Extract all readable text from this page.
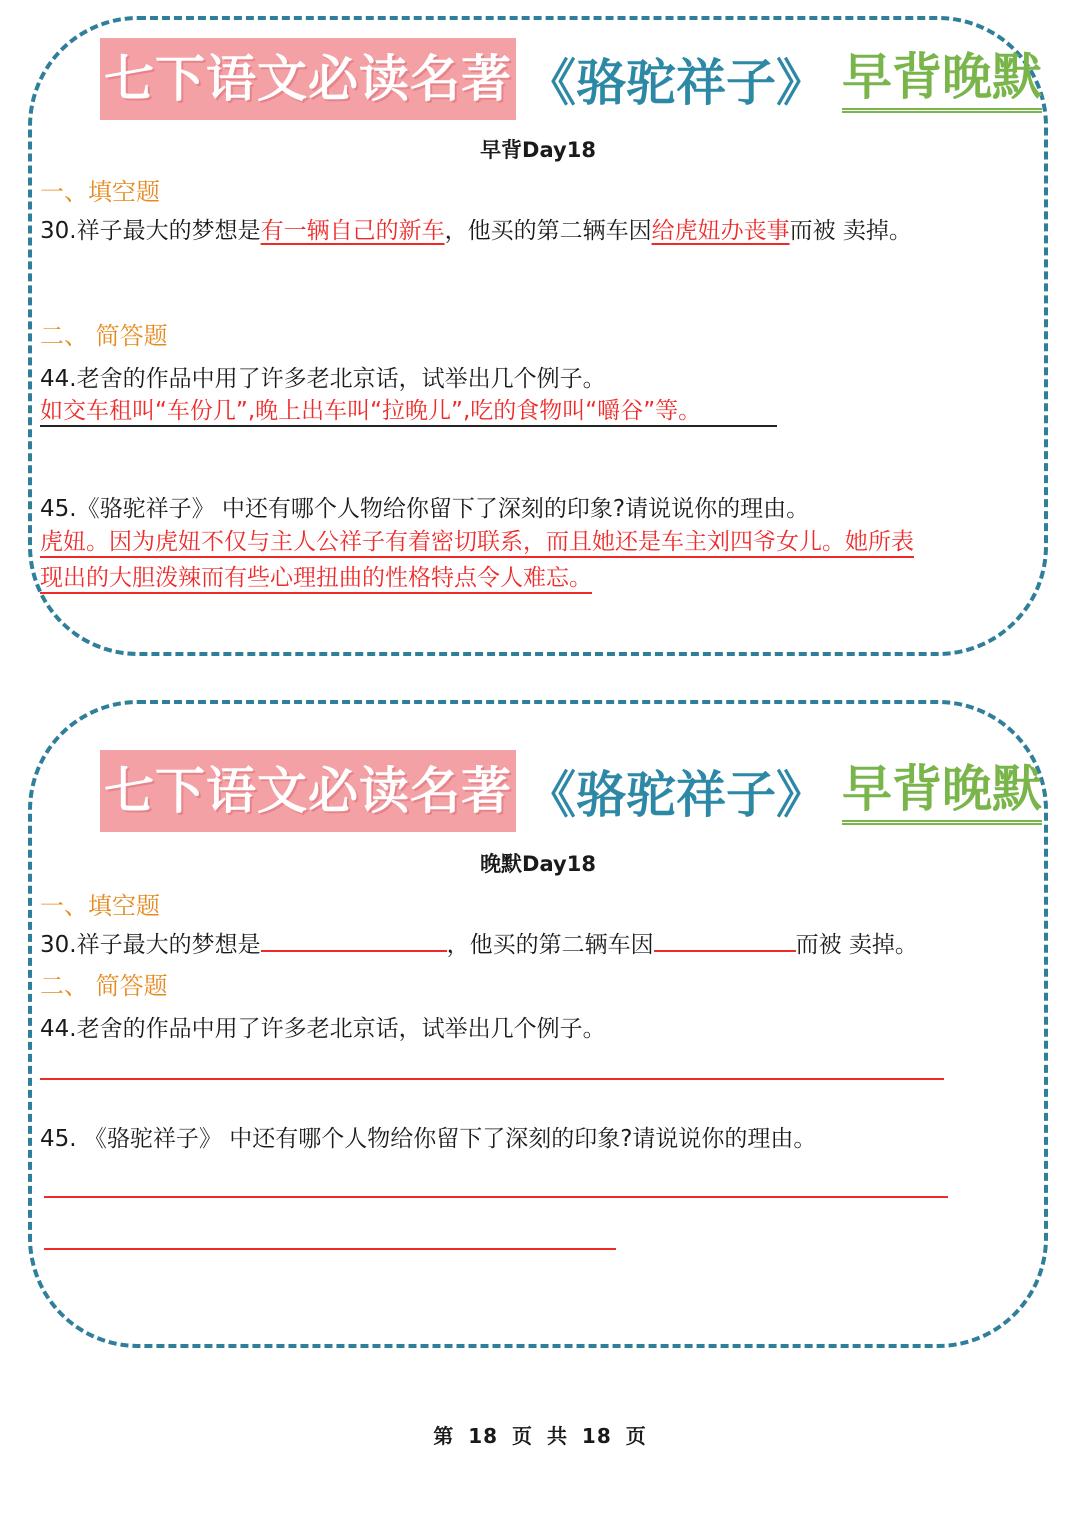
七下语文必读名著 《骆驼祥子》 早背晚默
早背Day18
一、填空题
30.祥子最大的梦想是有一辆自己的新车，他买的第二辆车因给虎妞办丧事而被 卖掉。
二、 简答题
44.老舍的作品中用了许多老北京话，试举出几个例子。
如交车租叫“车份几”,晚上出车叫“拉晚儿”,吃的食物叫“嚼谷”等。
45.《骆驼祥子》 中还有哪个人物给你留下了深刻的印象?请说说你的理由。
虎妞。因为虎妞不仅与主人公祥子有着密切联系，而且她还是车主刘四爷女儿。她所表
现出的大胆泼辣而有些心理扭曲的性格特点令人难忘。
七下语文必读名著 《骆驼祥子》 早背晚默
晚默Day18
一、填空题
30.祥子最大的梦想是	，他买的第二辆车因	而被 卖掉。
二、 简答题
44.老舍的作品中用了许多老北京话，试举出几个例子。
45. 《骆驼祥子》 中还有哪个人物给你留下了深刻的印象?请说说你的理由。
第 18 页 共 18 页
